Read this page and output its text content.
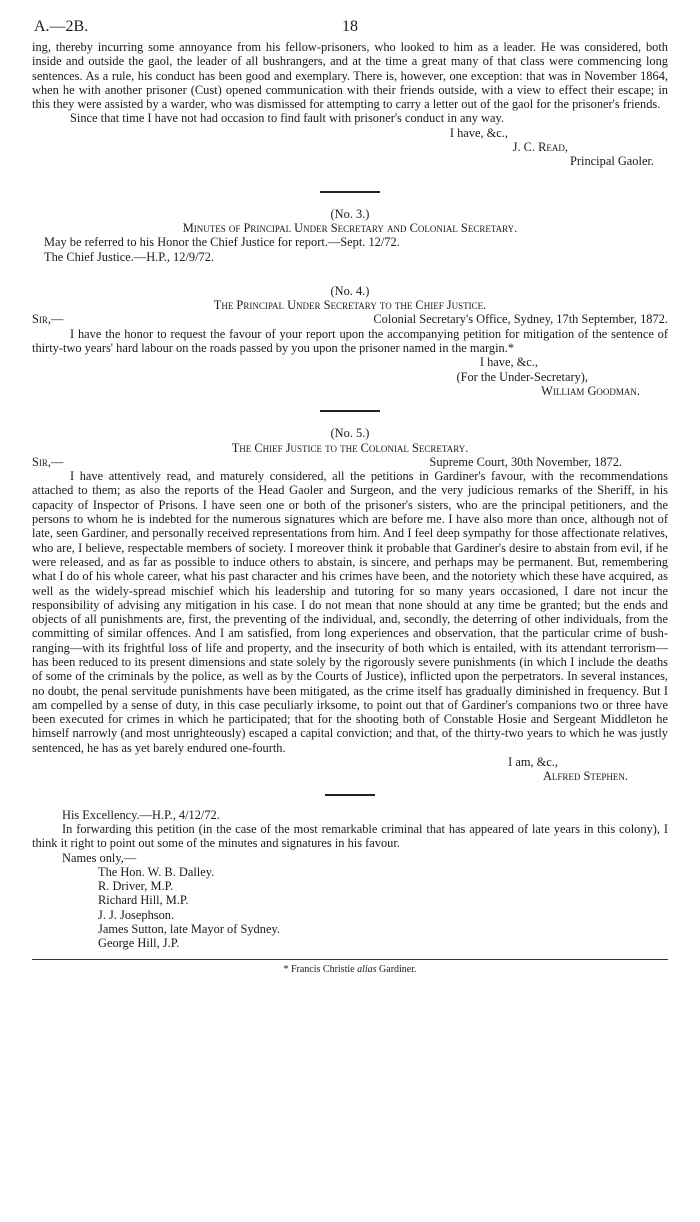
A.—2B.	18

ing, thereby incurring some annoyance from his fellow-prisoners, who looked to him as a leader. He was considered, both inside and outside the gaol, the leader of all bushrangers, and at the time a great many of that class were commencing long sentences. As a rule, his conduct has been good and exemplary. There is, however, one exception: that was in November 1864, when he with another prisoner (Cust) opened communication with their friends outside, with a view to effect their escape; in this they were assisted by a warder, who was dismissed for attempting to carry a letter out of the gaol for the prisoner's friends.

Since that time I have not had occasion to find fault with prisoner's conduct in any way.

I have, &c.,

J. C. Read,

Principal Gaoler.

(No. 3.)

Minutes of Principal Under Secretary and Colonial Secretary.

May be referred to his Honor the Chief Justice for report.—Sept. 12/72.

The Chief Justice.—H.P., 12/9/72.

(No. 4.)

The Principal Under Secretary to the Chief Justice.

Sir,—	Colonial Secretary's Office, Sydney, 17th September, 1872.

I have the honor to request the favour of your report upon the accompanying petition for mitigation of the sentence of thirty-two years' hard labour on the roads passed by you upon the prisoner named in the margin.*

I have, &c.,

(For the Under-Secretary),

William Goodman.

(No. 5.)

The Chief Justice to the Colonial Secretary.

Sir,—	Supreme Court, 30th November, 1872.

I have attentively read, and maturely considered, all the petitions in Gardiner's favour, with the recommendations attached to them; as also the reports of the Head Gaoler and Surgeon, and the very judicious remarks of the Sheriff, in his capacity of Inspector of Prisons. I have seen one or both of the prisoner's sisters, who are the principal petitioners, and the persons to whom he is indebted for the numerous signatures which are before me. I have also more than once, although not of late, seen Gardiner, and personally received representations from him. And I feel deep sympathy for those affectionate relatives, who are, I believe, respectable members of society. I moreover think it probable that Gardiner's desire to abstain from evil, if he were released, and as far as possible to induce others to abstain, is sincere, and perhaps may be permanent. But, remembering what I do of his whole career, what his past character and his crimes have been, and the notoriety which these have acquired, as well as the widely-spread mischief which his leadership and tutoring for so many years occasioned, I dare not incur the responsibility of advising any mitigation in his case. I do not mean that none should at any time be granted; but the ends and objects of all punishments are, first, the preventing of the individual, and, secondly, the deterring of other individuals, from the committing of similar offences. And I am satisfied, from long experiences and observation, that the particular crime of bush-ranging—with its frightful loss of life and property, and the insecurity of both which is entailed, with its attendant terrorism—has been reduced to its present dimensions and state solely by the rigorously severe punishments (in which I include the deaths of some of the criminals by the police, as well as by the Courts of Justice), inflicted upon the perpetrators. In several instances, no doubt, the penal servitude punishments have been mitigated, as the crime itself has gradually diminished in frequency. But I am compelled by a sense of duty, in this case peculiarly irksome, to point out that of Gardiner's companions two or three have been executed for crimes in which he participated; that for the shooting both of Constable Hosie and Sergeant Middleton he himself narrowly (and most unrighteously) escaped a capital conviction; and that, of the thirty-two years to which he was justly sentenced, he has as yet barely endured one-fourth.

I am, &c.,

Alfred Stephen.

His Excellency.—H.P., 4/12/72.

In forwarding this petition (in the case of the most remarkable criminal that has appeared of late years in this colony), I think it right to point out some of the minutes and signatures in his favour.

Names only,—

The Hon. W. B. Dalley.
R. Driver, M.P.
Richard Hill, M.P.
J. J. Josephson.
James Sutton, late Mayor of Sydney.
George Hill, J.P.
* Francis Christie alias Gardiner.
